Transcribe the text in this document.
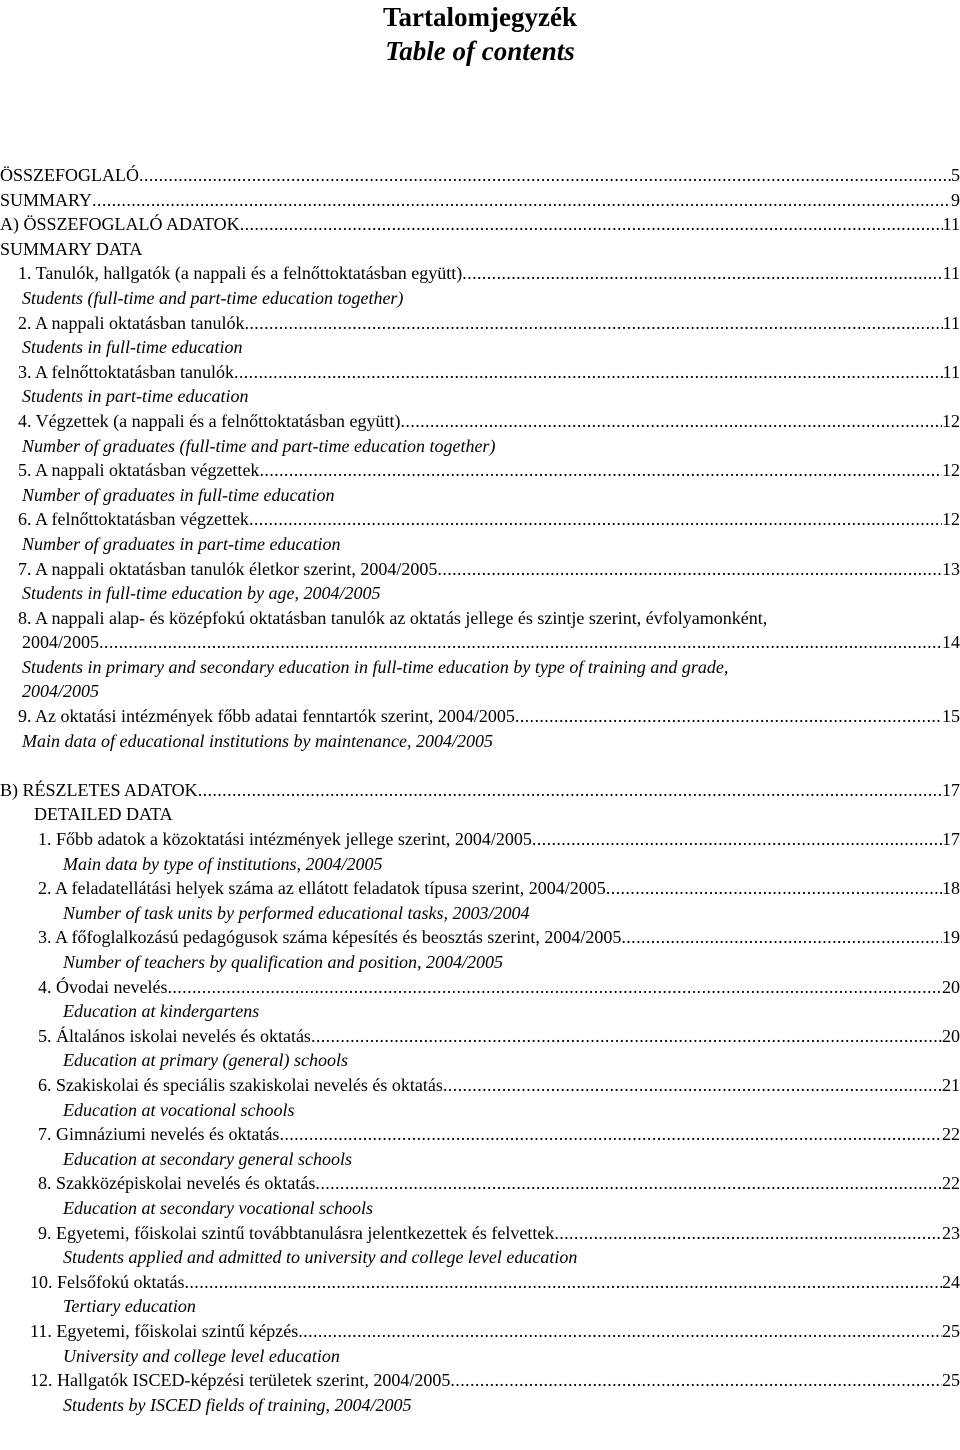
Tartalomjegyzék
Table of contents
ÖSSZEFOGLALÓ .....	5
SUMMARY .....	9
A) ÖSSZEFOGLALÓ ADATOK .....	11
SUMMARY DATA
1. Tanulók, hallgatók (a nappali és a felnőttoktatásban együtt) .....	11
Students (full-time and part-time education together)
2. A nappali oktatásban tanulók .....	11
Students in full-time education
3. A felnőttoktatásban tanulók .....	11
Students in part-time education
4. Végzettek (a nappali és a felnőttoktatásban együtt) .....	12
Number of graduates (full-time and part-time education together)
5. A nappali oktatásban végzettek .....	12
Number of graduates in full-time education
6. A felnőttoktatásban végzettek .....	12
Number of graduates in part-time education
7. A nappali oktatásban tanulók életkor szerint, 2004/2005 .....	13
Students in full-time education by age, 2004/2005
8. A nappali alap- és középfokú oktatásban tanulók az oktatás jellege és szintje szerint, évfolyamonként,
2004/2005 .....	14
Students in primary and secondary education in full-time education by type of training and grade,
2004/2005
9. Az oktatási intézmények főbb adatai fenntartók szerint, 2004/2005 .....	15
Main data of educational institutions by maintenance, 2004/2005
B) RÉSZLETES ADATOK .....	17
DETAILED DATA
1. Főbb adatok a közoktatási intézmények jellege szerint, 2004/2005 .....	17
Main data by type of institutions, 2004/2005
2. A feladatellátási helyek száma az ellátott feladatok típusa szerint, 2004/2005 .....	18
Number of task units by performed educational tasks, 2003/2004
3. A főfoglalkozású pedagógusok száma képesítés és beosztás szerint, 2004/2005 .....	19
Number of teachers by qualification and position, 2004/2005
4. Óvodai nevelés .....	20
Education at kindergartens
5. Általános iskolai nevelés és oktatás .....	20
Education at primary (general) schools
6. Szakiskolai és speciális szakiskolai nevelés és oktatás .....	21
Education at vocational schools
7. Gimnáziumi nevelés és oktatás .....	22
Education at secondary general schools
8. Szakközépiskolai nevelés és oktatás .....	22
Education at secondary vocational schools
9. Egyetemi, főiskolai szintű továbbtanulásra jelentkezettek és felvettek .....	23
Students applied and admitted to university and college level education
10. Felsőfokú oktatás .....	24
Tertiary education
11. Egyetemi, főiskolai szintű képzés .....	25
University and college level education
12. Hallgatók ISCED-képzési területek szerint, 2004/2005 .....	25
Students by ISCED fields of training, 2004/2005
